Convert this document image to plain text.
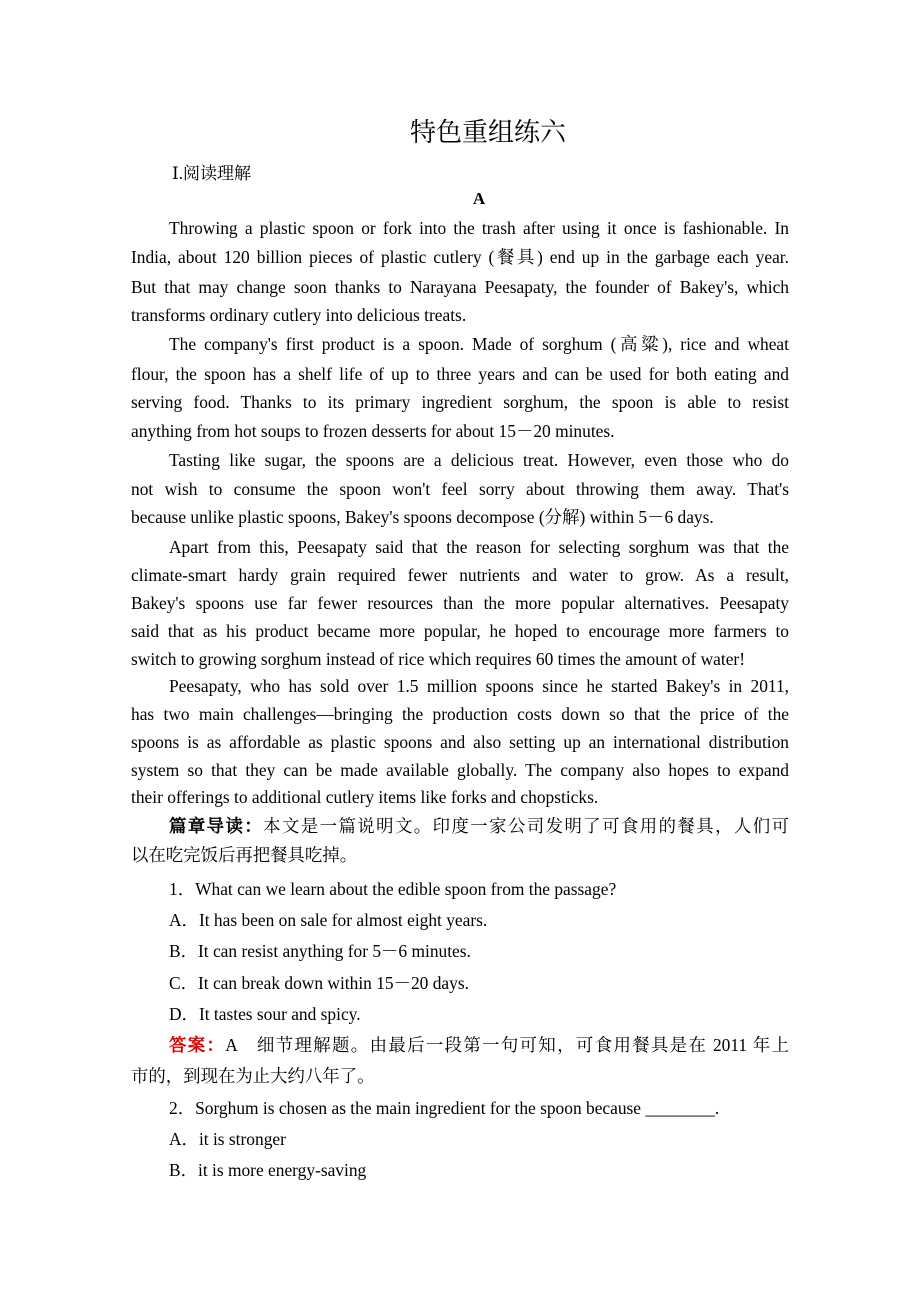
特色重组练六
Ⅰ.阅读理解
A
Throwing a plastic spoon or fork into the trash after using it once is fashionable. In
India, about 120 billion pieces of plastic cutlery (餐具) end up in the garbage each year.
But that may change soon thanks to Narayana Peesapaty, the founder of Bakey's, which
transforms ordinary cutlery into delicious treats.
The company's first product is a spoon. Made of sorghum (高粱), rice and wheat
flour, the spoon has a shelf life of up to three years and can be used for both eating and
serving food. Thanks to its primary ingredient sorghum, the spoon is able to resist
anything from hot soups to frozen desserts for about 15－20 minutes.
Tasting like sugar, the spoons are a delicious treat. However, even those who do
not wish to consume the spoon won't feel sorry about throwing them away. That's
because unlike plastic spoons, Bakey's spoons decompose (分解) within 5－6 days.
Apart from this, Peesapaty said that the reason for selecting sorghum was that the
climate-smart hardy grain required fewer nutrients and water to grow. As a result,
Bakey's spoons use far fewer resources than the more popular alternatives. Peesapaty
said that as his product became more popular, he hoped to encourage more farmers to
switch to growing sorghum instead of rice which requires 60 times the amount of water!
Peesapaty, who has sold over 1.5 million spoons since he started Bakey's in 2011,
has two main challenges—bringing the production costs down so that the price of the
spoons is as affordable as plastic spoons and also setting up an international distribution
system so that they can be made available globally. The company also hopes to expand
their offerings to additional cutlery items like forks and chopsticks.
篇章导读：本文是一篇说明文。印度一家公司发明了可食用的餐具，人们可
以在吃完饭后再把餐具吃掉。
1．What can we learn about the edible spoon from the passage?
A．It has been on sale for almost eight years.
B．It can resist anything for 5－6 minutes.
C．It can break down within 15－20 days.
D．It tastes sour and spicy.
答案：A　细节理解题。由最后一段第一句可知，可食用餐具是在 2011 年上
市的，到现在为止大约八年了。
2．Sorghum is chosen as the main ingredient for the spoon because ________.
A．it is stronger
B．it is more energy-saving
